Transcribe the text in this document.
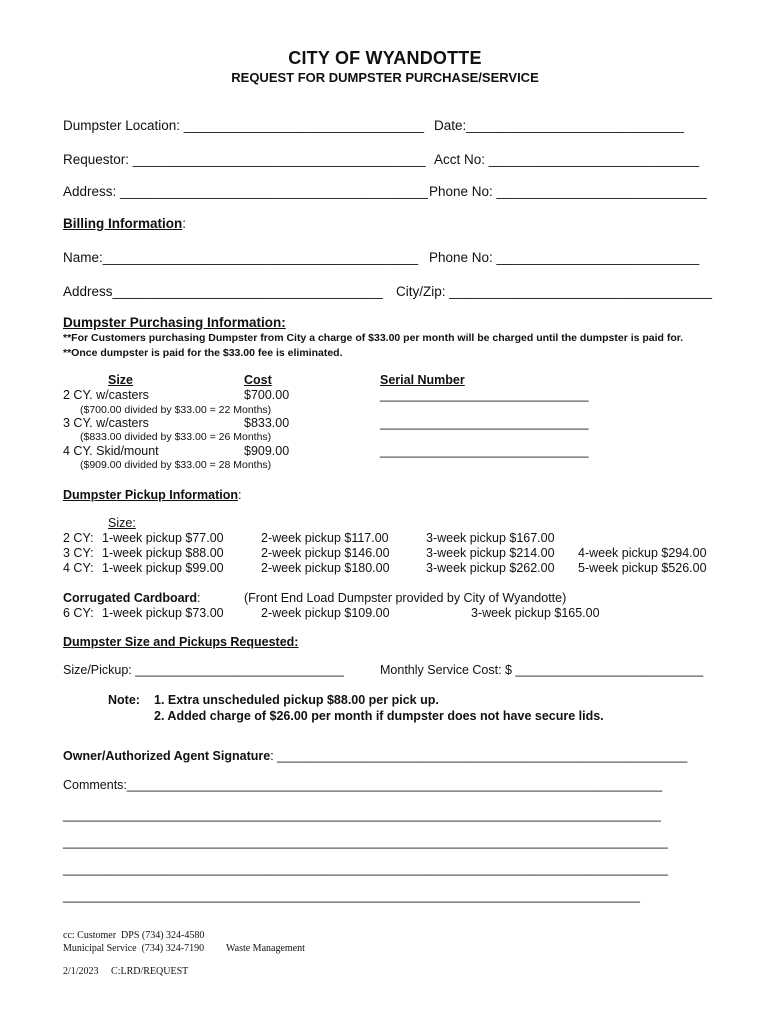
CITY OF WYANDOTTE
REQUEST FOR DUMPSTER PURCHASE/SERVICE
Dumpster Location: ________________________________ Date:_____________________________
Requestor: _______________________________________ Acct No: ____________________________
Address: _________________________________________ Phone No: ____________________________
Billing Information:
Name:__________________________________________ Phone No: ___________________________
Address____________________________________ City/Zip: ___________________________________
Dumpster Purchasing Information:
**For Customers purchasing Dumpster from City a charge of $33.00 per month will be charged until the dumpster is paid for.
**Once dumpster is paid for the $33.00 fee is eliminated.
Size	Cost	Serial Number
2 CY. w/casters	$700.00	______________________________
($700.00 divided by $33.00 = 22 Months)
3 CY. w/casters	$833.00	______________________________
($833.00 divided by $33.00 = 26 Months)
4 CY. Skid/mount	$909.00	______________________________
($909.00 divided by $33.00 = 28 Months)
Dumpster Pickup Information:
Size:
2 CY: 1-week pickup $77.00	2-week pickup $117.00	3-week pickup $167.00
3 CY: 1-week pickup $88.00	2-week pickup $146.00	3-week pickup $214.00 4-week pickup $294.00
4 CY: 1-week pickup $99.00	2-week pickup $180.00	3-week pickup $262.00 5-week pickup $526.00
Corrugated Cardboard:	(Front End Load Dumpster provided by City of Wyandotte)
6 CY: 1-week pickup $73.00	2-week pickup $109.00	3-week pickup $165.00
Dumpster Size and Pickups Requested:
Size/Pickup: ______________________________	Monthly Service Cost: $ ___________________________
Note: 1. Extra unscheduled pickup $88.00 per pick up.
2. Added charge of $26.00 per month if dumpster does not have secure lids.
Owner/Authorized Agent Signature: ___________________________________________________________
Comments:_____________________________________________________________________________
______________________________________________________________________________________
_______________________________________________________________________________________
_______________________________________________________________________________________
___________________________________________________________________________________
cc: Customer  DPS (734) 324-4580
Municipal Service  (734) 324-7190 Waste Management
2/1/2023     C:LRD/REQUEST
